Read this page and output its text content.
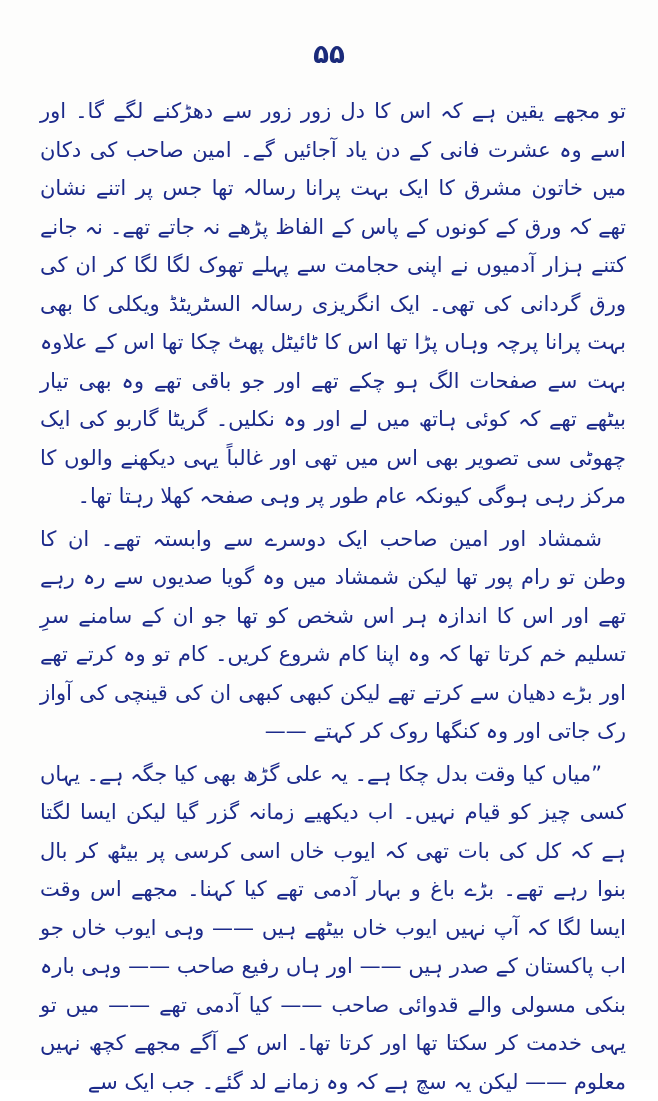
۵۵

تو مجھے یقین ہے کہ اس کا دل زور زور سے دھڑکنے لگے گا۔ اور اسے وہ عشرت فانی کے دن یاد آجائیں گے۔ امین صاحب کی دکان میں خاتون مشرق کا ایک بہت پرانا رسالہ تھا جس پر اتنے نشان تھے کہ ورق کے کونوں کے پاس کے الفاظ پڑھے نہ جاتے تھے۔ نہ جانے کتنے ہزار آدمیوں نے اپنی حجامت سے پہلے تھوک لگا لگا کر ان کی ورق گردانی کی تھی۔ ایک انگریزی رسالہ السٹریٹڈ ویکلی کا بھی بہت پرانا پرچہ وہاں پڑا تھا اس کا ٹائیٹل پھٹ چکا تھا اس کے علاوہ بہت سے صفحات الگ ہو چکے تھے اور جو باقی تھے وہ بھی تیار بیٹھے تھے کہ کوئی ہاتھ میں لے اور وہ نکلیں۔ گریٹا گاربو کی ایک چھوٹی سی تصویر بھی اس میں تھی اور غالباً یہی دیکھنے والوں کا مرکز رہی ہوگی کیونکہ عام طور پر وہی صفحہ کھلا رہتا تھا۔

شمشاد اور امین صاحب ایک دوسرے سے وابستہ تھے۔ ان کا وطن تو رام پور تھا لیکن شمشاد میں وہ گویا صدیوں سے رہ رہے تھے اور اس کا اندازہ ہر اس شخص کو تھا جو ان کے سامنے سرِ تسلیم خم کرتا تھا کہ وہ اپنا کام شروع کریں۔ کام تو وہ کرتے تھے اور بڑے دھیان سے کرتے تھے لیکن کبھی کبھی ان کی قینچی کی آواز رک جاتی اور وہ کنگھا روک کر کہتے ——

”میاں کیا وقت بدل چکا ہے۔ یہ علی گڑھ بھی کیا جگہ ہے۔ یہاں کسی چیز کو قیام نہیں۔ اب دیکھیے زمانہ گزر گیا لیکن ایسا لگتا ہے کہ کل کی بات تھی کہ ایوب خاں اسی کرسی پر بیٹھ کر بال بنوا رہے تھے۔ بڑے باغ و بہار آدمی تھے کیا کہنا۔ مجھے اس وقت ایسا لگا کہ آپ نہیں ایوب خاں بیٹھے ہیں —— وہی ایوب خاں جو اب پاکستان کے صدر ہیں —— اور ہاں رفیع صاحب —— وہی بارہ بنکی مسولی والے قدوائی صاحب —— کیا آدمی تھے —— میں تو یہی خدمت کر سکتا تھا اور کرتا تھا۔ اس کے آگے مجھے کچھ نہیں معلوم —— لیکن یہ سچ ہے کہ وہ زمانے لد گئے۔ جب ایک سے
